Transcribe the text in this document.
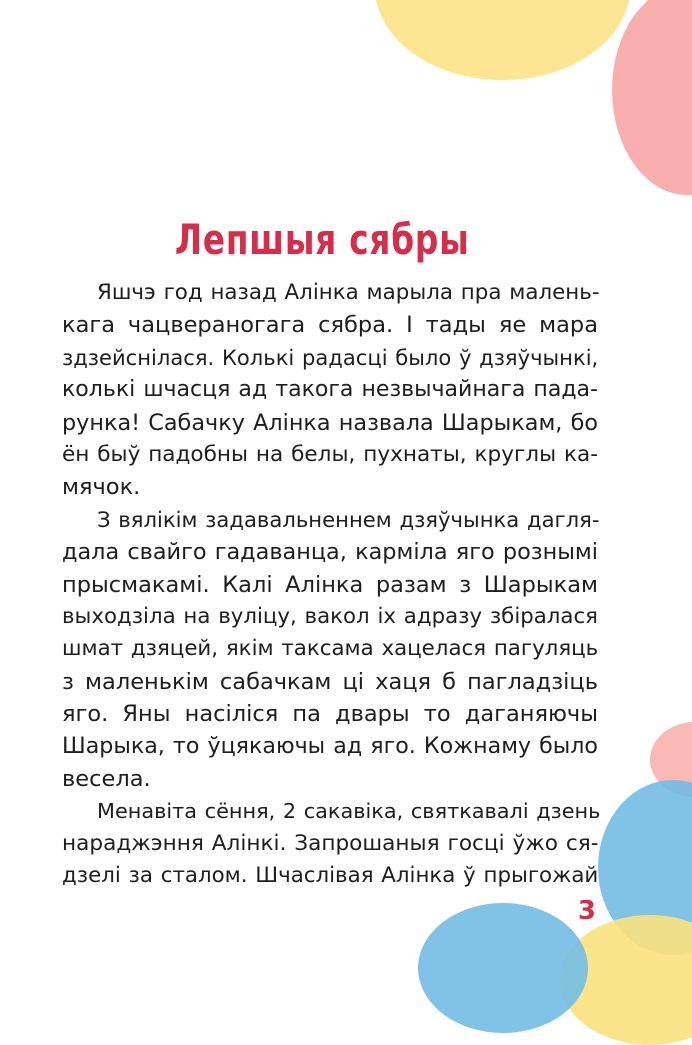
Лепшыя сябры
Яшчэ год назад Алінка марыла пра малень-
кага чацвераногага сябра. І тады яе мара
здзейснілася. Колькі радасці было ў дзяўчынкі,
колькі шчасця ад такога незвычайнага пада-
рунка! Сабачку Алінка назвала Шарыкам, бо
ён быў падобны на белы, пухнаты, круглы ка-
мячок.
З вялікім задавальненнем дзяўчынка дагля-
дала свайго гадаванца, карміла яго рознымі
прысмакамі. Калі Алінка разам з Шарыкам
выходзіла на вуліцу, вакол іх адразу збіралася
шмат дзяцей, якім таксама хацелася пагуляць
з маленькім сабачкам ці хаця б пагладзіць
яго. Яны насіліся па двары то даганяючы
Шарыка, то ўцякаючы ад яго. Кожнаму было
весела.
Менавіта сёння, 2 сакавіка, святкавалі дзень
нараджэння Алінкі. Запрошаныя госці ўжо ся-
дзелі за сталом. Шчаслівая Алінка ў прыгожай
3
